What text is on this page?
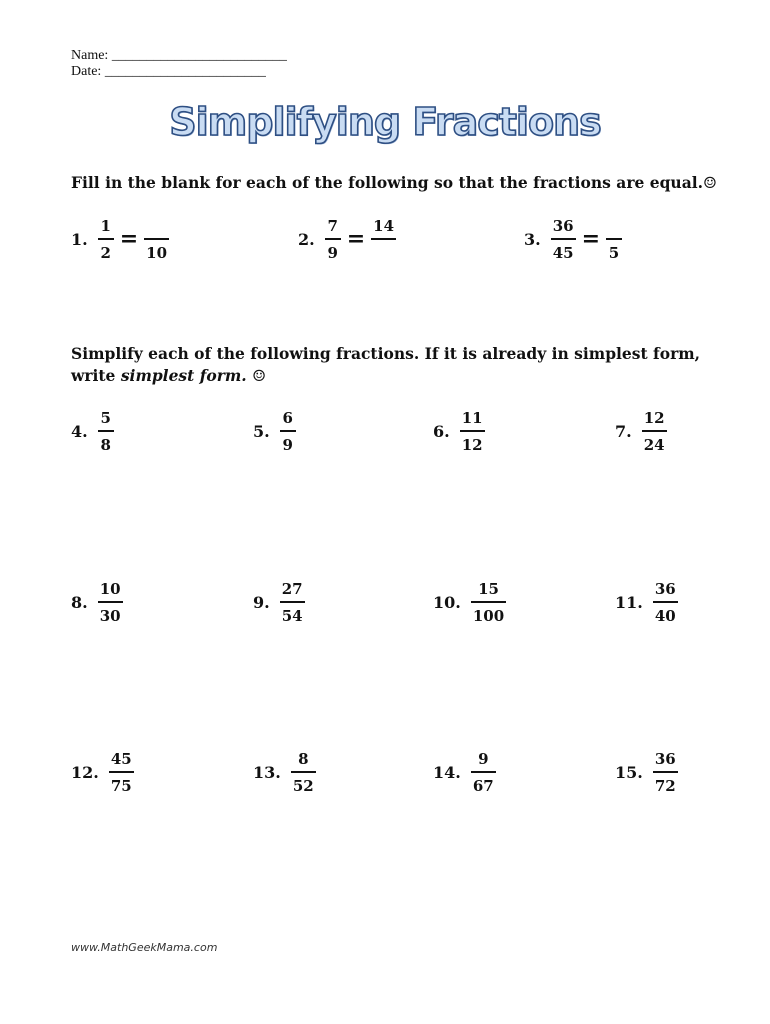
Name: _________________________
Date: _______________________
Simplifying Fractions
Fill in the blank for each of the following so that the fractions are equal.☺
1. $\frac{1}{2}$ =
10
2. $\frac{7}{9}$ =
14
3. $\frac{36}{45}$ =
5
Simplify each of the following fractions. If it is already in simplest form,
write simplest form. ☺
4. $\frac{5}{8}$	5. $\frac{6}{9}$	6. $\frac{11}{12}$	7. $\frac{12}{24}$
8. $\frac{10}{30}$	9. $\frac{27}{54}$	10. $\frac{15}{100}$	11. $\frac{36}{40}$
12. $\frac{45}{75}$	13. $\frac{8}{52}$	14. $\frac{9}{67}$	15. $\frac{36}{72}$
www.MathGeekMama.com
